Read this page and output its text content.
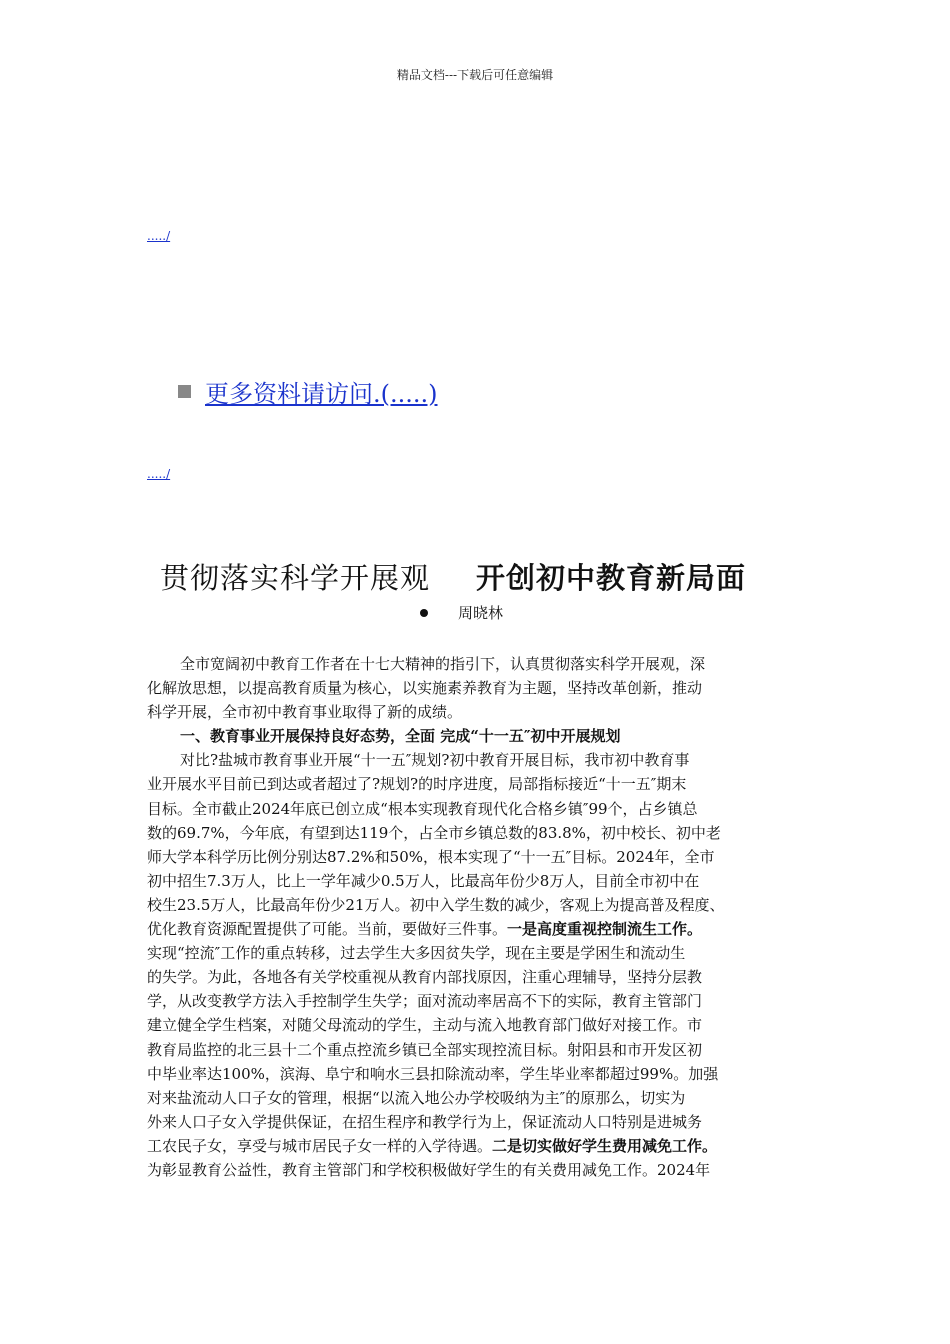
精品文档---下载后可任意编辑
...../
更多资料请访问.(.....)
...../
贯彻落实科学开展观 开创初中教育新局面
周晓林
全市宽阔初中教育工作者在十七大精神的指引下，认真贯彻落实科学开展观，深
化解放思想，以提高教育质量为核心，以实施素养教育为主题，坚持改革创新，推动
科学开展，全市初中教育事业取得了新的成绩。
一、教育事业开展保持良好态势，全面 完成“十一五″初中开展规划
对比?盐城市教育事业开展“十一五″规划?初中教育开展目标，我市初中教育事
业开展水平目前已到达或者超过了?规划?的时序进度，局部指标接近“十一五″期末
目标。全市截止2024年底已创立成“根本实现教育现代化合格乡镇″99个，占乡镇总
数的69.7%，今年底，有望到达119个，占全市乡镇总数的83.8%，初中校长、初中老
师大学本科学历比例分别达87.2%和50%，根本实现了“十一五″目标。2024年，全市
初中招生7.3万人，比上一学年减少0.5万人，比最高年份少8万人，目前全市初中在
校生23.5万人，比最高年份少21万人。初中入学生数的减少，客观上为提高普及程度、
优化教育资源配置提供了可能。当前，要做好三件事。一是高度重视控制流生工作。
实现“控流″工作的重点转移，过去学生大多因贫失学，现在主要是学困生和流动生
的失学。为此，各地各有关学校重视从教育内部找原因，注重心理辅导，坚持分层教
学，从改变教学方法入手控制学生失学；面对流动率居高不下的实际，教育主管部门
建立健全学生档案，对随父母流动的学生，主动与流入地教育部门做好对接工作。市
教育局监控的北三县十二个重点控流乡镇已全部实现控流目标。射阳县和市开发区初
中毕业率达100%，滨海、阜宁和响水三县扣除流动率，学生毕业率都超过99%。加强
对来盐流动人口子女的管理，根据“以流入地公办学校吸纳为主″的原那么，切实为
外来人口子女入学提供保证，在招生程序和教学行为上，保证流动人口特别是进城务
工农民子女，享受与城市居民子女一样的入学待遇。二是切实做好学生费用减免工作。
为彰显教育公益性，教育主管部门和学校积极做好学生的有关费用减免工作。2024年
